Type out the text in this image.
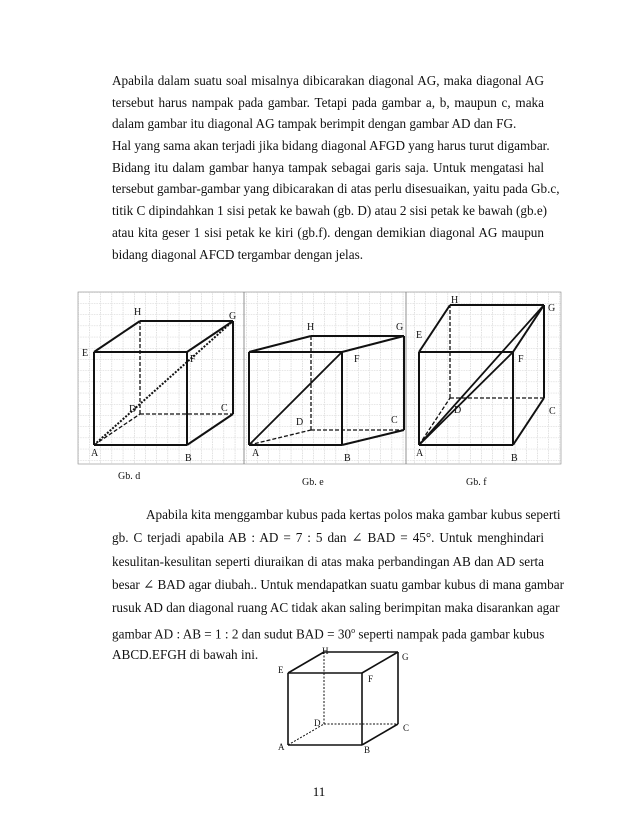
Apabila dalam suatu soal misalnya dibicarakan diagonal AG, maka diagonal AG
tersebut harus nampak pada gambar. Tetapi pada gambar a, b, maupun c, maka
dalam gambar itu diagonal AG tampak berimpit dengan gambar AD dan FG.
Hal yang sama akan terjadi jika bidang diagonal AFGD yang harus turut digambar.
Bidang itu dalam gambar hanya tampak sebagai garis saja. Untuk mengatasi hal
tersebut gambar-gambar yang dibicarakan di atas perlu disesuaikan, yaitu pada Gb.c,
titik C dipindahkan 1 sisi petak ke bawah (gb. D) atau 2 sisi petak ke bawah (gb.e)
atau kita geser 1 sisi petak ke kiri (gb.f). dengan demikian diagonal AG maupun
bidang diagonal AFCD tergambar dengan jelas.
A	B
C
D
E
F
G
H
A	B
C
D
F
G
H
A	B
C
D
E
F
G
H
Gb. d
Gb. e	Gb. f
Apabila kita menggambar kubus pada kertas polos maka gambar kubus seperti
gb. C terjadi apabila AB : AD = 7 : 5 dan ∠ BAD = 45°. Untuk menghindari
kesulitan-kesulitan seperti diuraikan di atas maka perbandingan AB dan AD serta
besar ∠ BAD agar diubah.. Untuk mendapatkan suatu gambar kubus di mana gambar
rusuk AD dan diagonal ruang AC tidak akan saling berimpitan maka disarankan agar
gambar AD : AB = 1 : 2 dan sudut BAD = $30^o$ seperti nampak pada gambar kubus
ABCD.EFGH di bawah ini.
A	B
C
D
E
F
G
H
11
